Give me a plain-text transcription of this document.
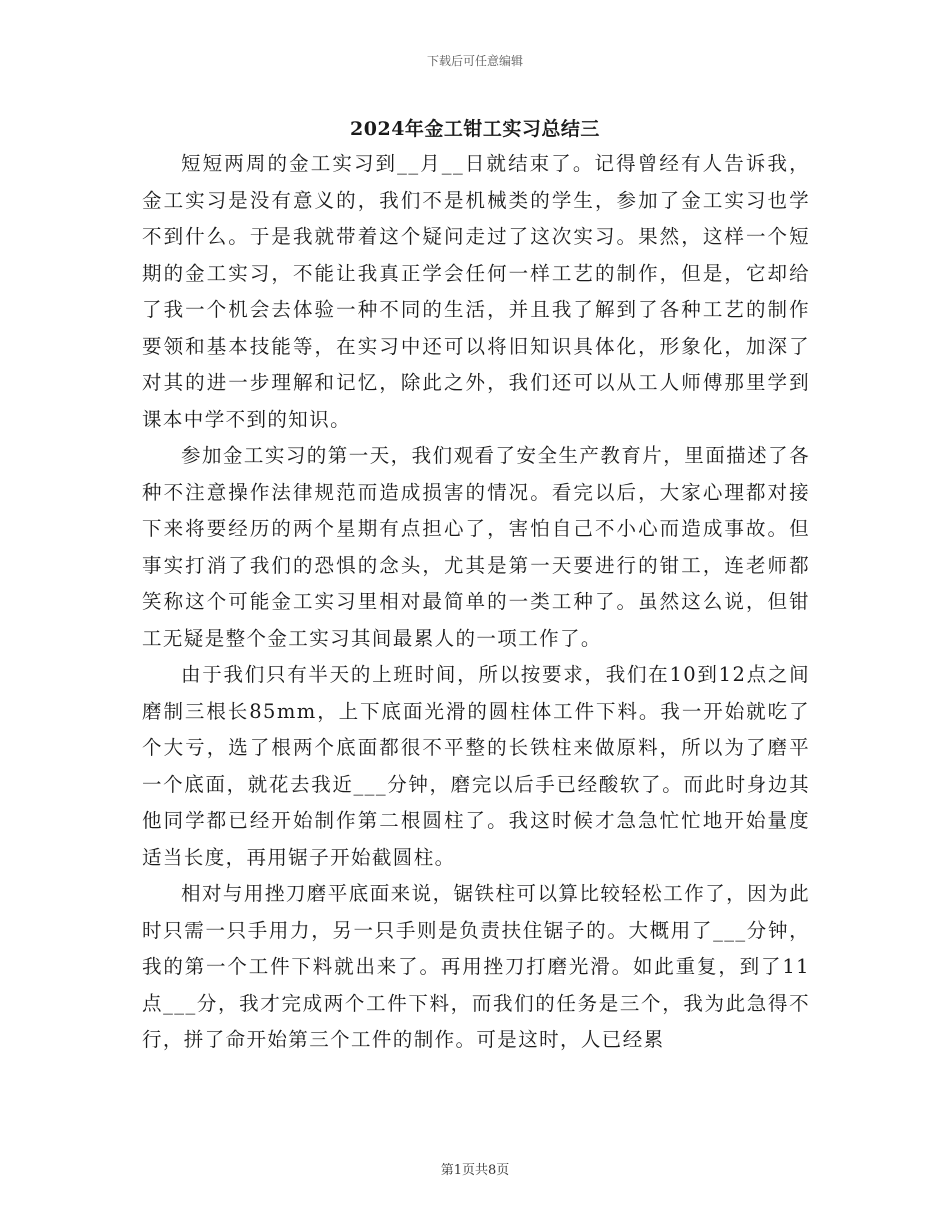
下载后可任意编辑
2024年金工钳工实习总结三

短短两周的金工实习到__月__日就结束了。记得曾经有人告诉我，金工实习是没有意义的，我们不是机械类的学生，参加了金工实习也学不到什么。于是我就带着这个疑问走过了这次实习。果然，这样一个短期的金工实习，不能让我真正学会任何一样工艺的制作，但是，它却给了我一个机会去体验一种不同的生活，并且我了解到了各种工艺的制作要领和基本技能等，在实习中还可以将旧知识具体化，形象化，加深了对其的进一步理解和记忆，除此之外，我们还可以从工人师傅那里学到课本中学不到的知识。

参加金工实习的第一天，我们观看了安全生产教育片，里面描述了各种不注意操作法律规范而造成损害的情况。看完以后，大家心理都对接下来将要经历的两个星期有点担心了，害怕自己不小心而造成事故。但事实打消了我们的恐惧的念头，尤其是第一天要进行的钳工，连老师都笑称这个可能金工实习里相对最简单的一类工种了。虽然这么说，但钳工无疑是整个金工实习其间最累人的一项工作了。

由于我们只有半天的上班时间，所以按要求，我们在10到12点之间磨制三根长85mm，上下底面光滑的圆柱体工件下料。我一开始就吃了个大亏，选了根两个底面都很不平整的长铁柱来做原料，所以为了磨平一个底面，就花去我近___分钟，磨完以后手已经酸软了。而此时身边其他同学都已经开始制作第二根圆柱了。我这时候才急急忙忙地开始量度适当长度，再用锯子开始截圆柱。

相对与用挫刀磨平底面来说，锯铁柱可以算比较轻松工作了，因为此时只需一只手用力，另一只手则是负责扶住锯子的。大概用了___分钟，我的第一个工件下料就出来了。再用挫刀打磨光滑。如此重复，到了11点___分，我才完成两个工件下料，而我们的任务是三个，我为此急得不行，拼了命开始第三个工件的制作。可是这时，人已经累

第1页共8页
